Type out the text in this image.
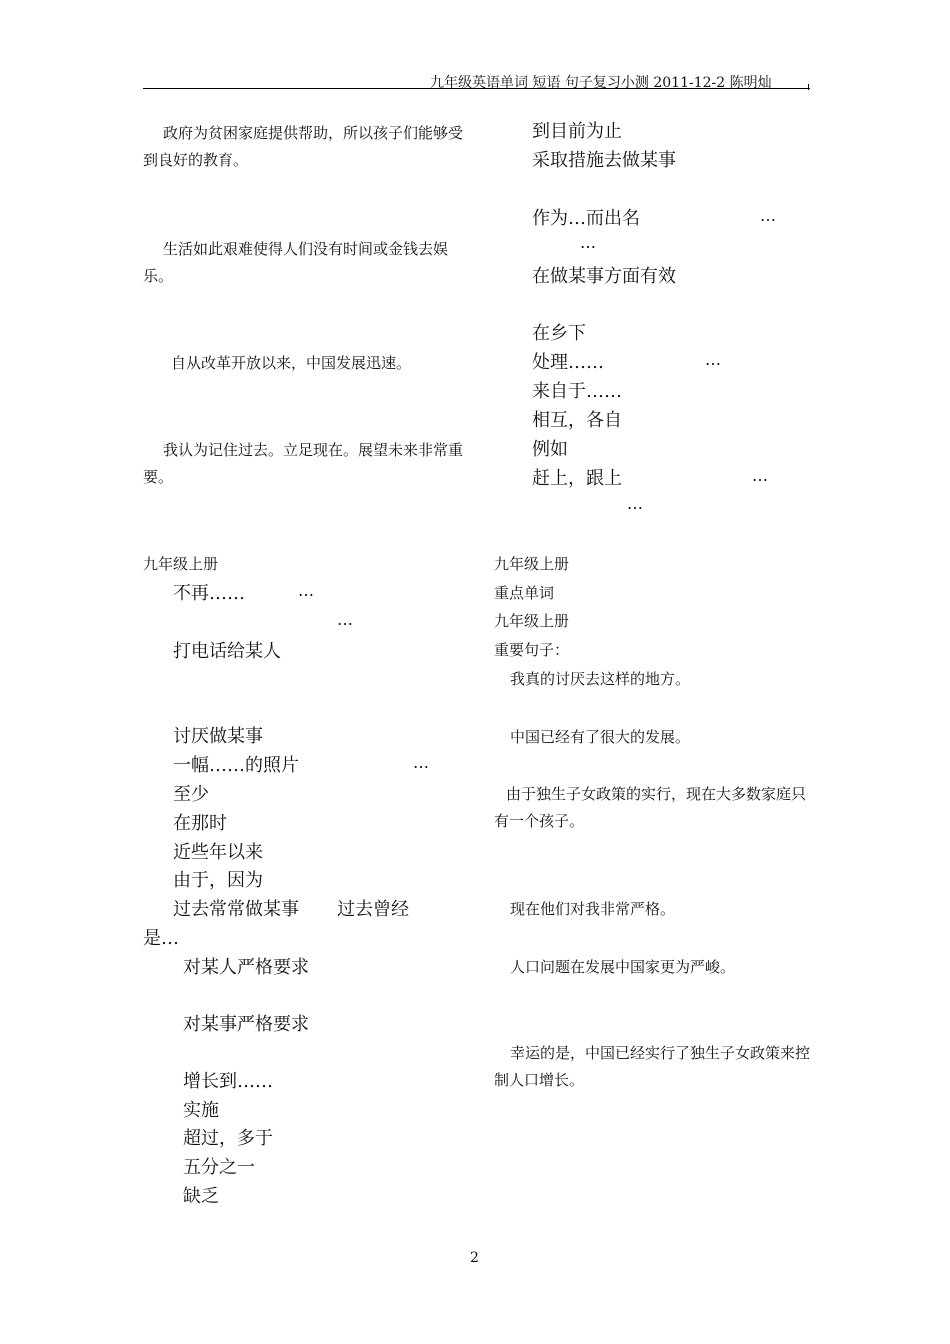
九年级英语单词 短语 句子复习小测 2011-12-2 陈明灿
政府为贫困家庭提供帮助，所以孩子们能够受到良好的教育。
生活如此艰难使得人们没有时间或金钱去娱乐。
自从改革开放以来，中国发展迅速。
我认为记住过去。立足现在。展望未来非常重要。
到目前为止
采取措施去做某事
作为…而出名	…
…
在做某事方面有效
在乡下
处理……	…
来自于……
相互，各自
例如
赶上，跟上	…
…
九年级上册
不再……	…
…
打电话给某人
讨厌做某事
一幅……的照片	…
至少
在那时
近些年以来
由于，因为
过去常常做某事 过去曾经
是…
对某人严格要求
对某事严格要求
增长到……
实施
超过，多于
五分之一
缺乏
九年级上册
重点单词
九年级上册
重要句子：
我真的讨厌去这样的地方。
中国已经有了很大的发展。
由于独生子女政策的实行，现在大多数家庭只有一个孩子。
现在他们对我非常严格。
人口问题在发展中国家更为严峻。
幸运的是，中国已经实行了独生子女政策来控制人口增长。
2
